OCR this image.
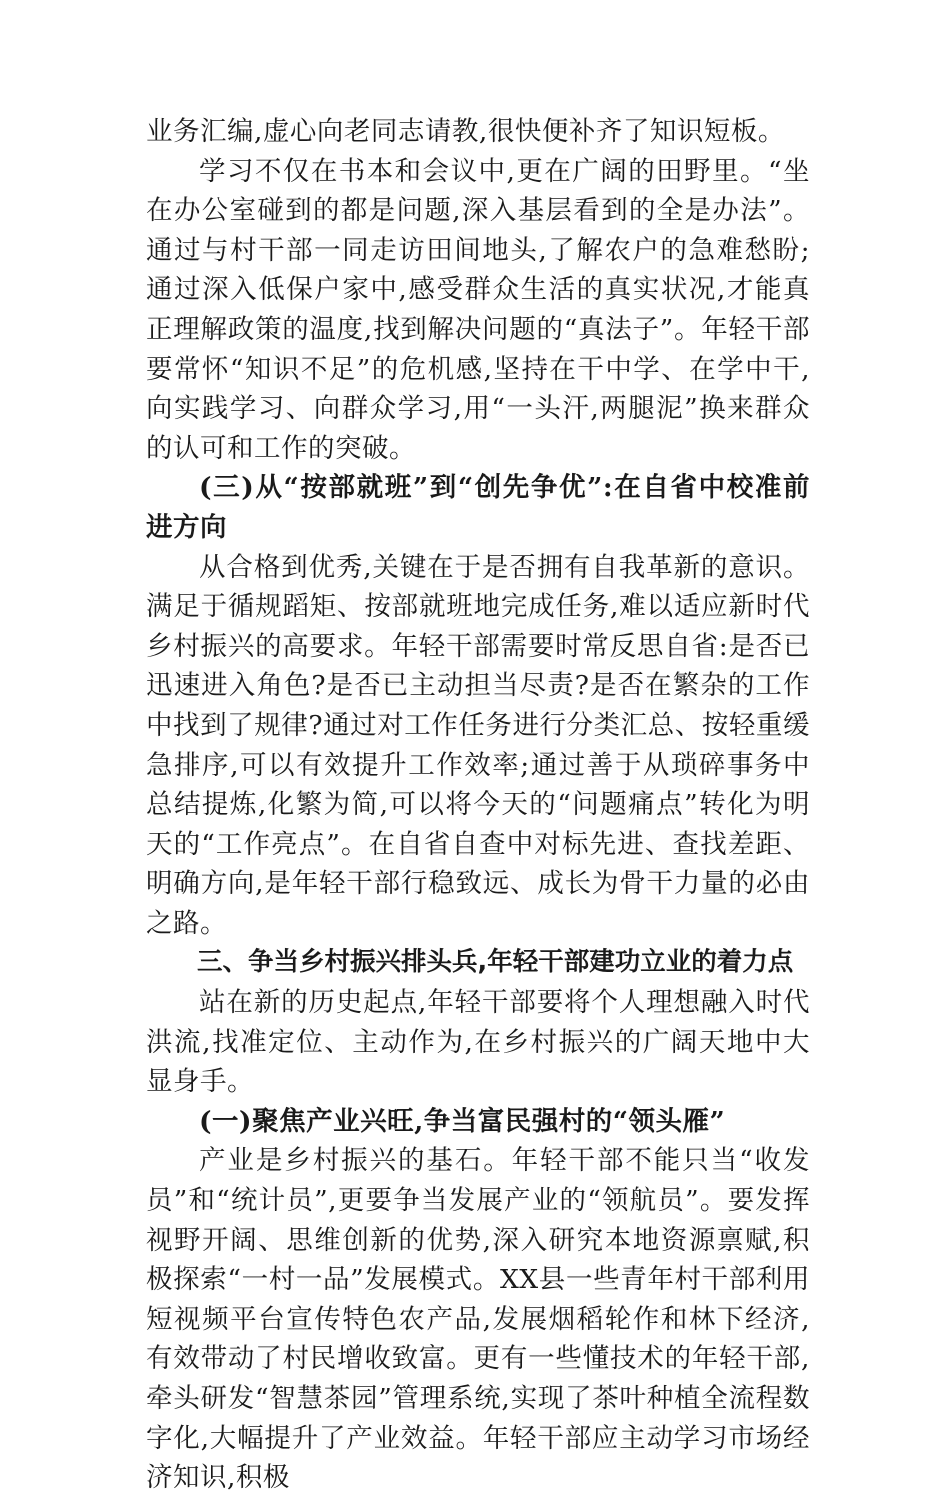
业务汇编,虚心向老同志请教,很快便补齐了知识短板。

学习不仅在书本和会议中,更在广阔的田野里。“坐在办公室碰到的都是问题,深入基层看到的全是办法”。通过与村干部一同走访田间地头,了解农户的急难愁盼;通过深入低保户家中,感受群众生活的真实状况,才能真正理解政策的温度,找到解决问题的“真法子”。年轻干部要常怀“知识不足”的危机感,坚持在干中学、在学中干,向实践学习、向群众学习,用“一头汗,两腿泥”换来群众的认可和工作的突破。

(三)从“按部就班”到“创先争优”:在自省中校准前进方向

从合格到优秀,关键在于是否拥有自我革新的意识。满足于循规蹈矩、按部就班地完成任务,难以适应新时代乡村振兴的高要求。年轻干部需要时常反思自省:是否已迅速进入角色?是否已主动担当尽责?是否在繁杂的工作中找到了规律?通过对工作任务进行分类汇总、按轻重缓急排序,可以有效提升工作效率;通过善于从琐碎事务中总结提炼,化繁为简,可以将今天的“问题痛点”转化为明天的“工作亮点”。在自省自查中对标先进、查找差距、明确方向,是年轻干部行稳致远、成长为骨干力量的必由之路。

三、争当乡村振兴排头兵,年轻干部建功立业的着力点

站在新的历史起点,年轻干部要将个人理想融入时代洪流,找准定位、主动作为,在乡村振兴的广阔天地中大显身手。

(一)聚焦产业兴旺,争当富民强村的“领头雁”

产业是乡村振兴的基石。年轻干部不能只当“收发员”和“统计员”,更要争当发展产业的“领航员”。要发挥视野开阔、思维创新的优势,深入研究本地资源禀赋,积极探索“一村一品”发展模式。XX县一些青年村干部利用短视频平台宣传特色农产品,发展烟稻轮作和林下经济,有效带动了村民增收致富。更有一些懂技术的年轻干部,牵头研发“智慧茶园”管理系统,实现了茶叶种植全流程数字化,大幅提升了产业效益。年轻干部应主动学习市场经济知识,积极
